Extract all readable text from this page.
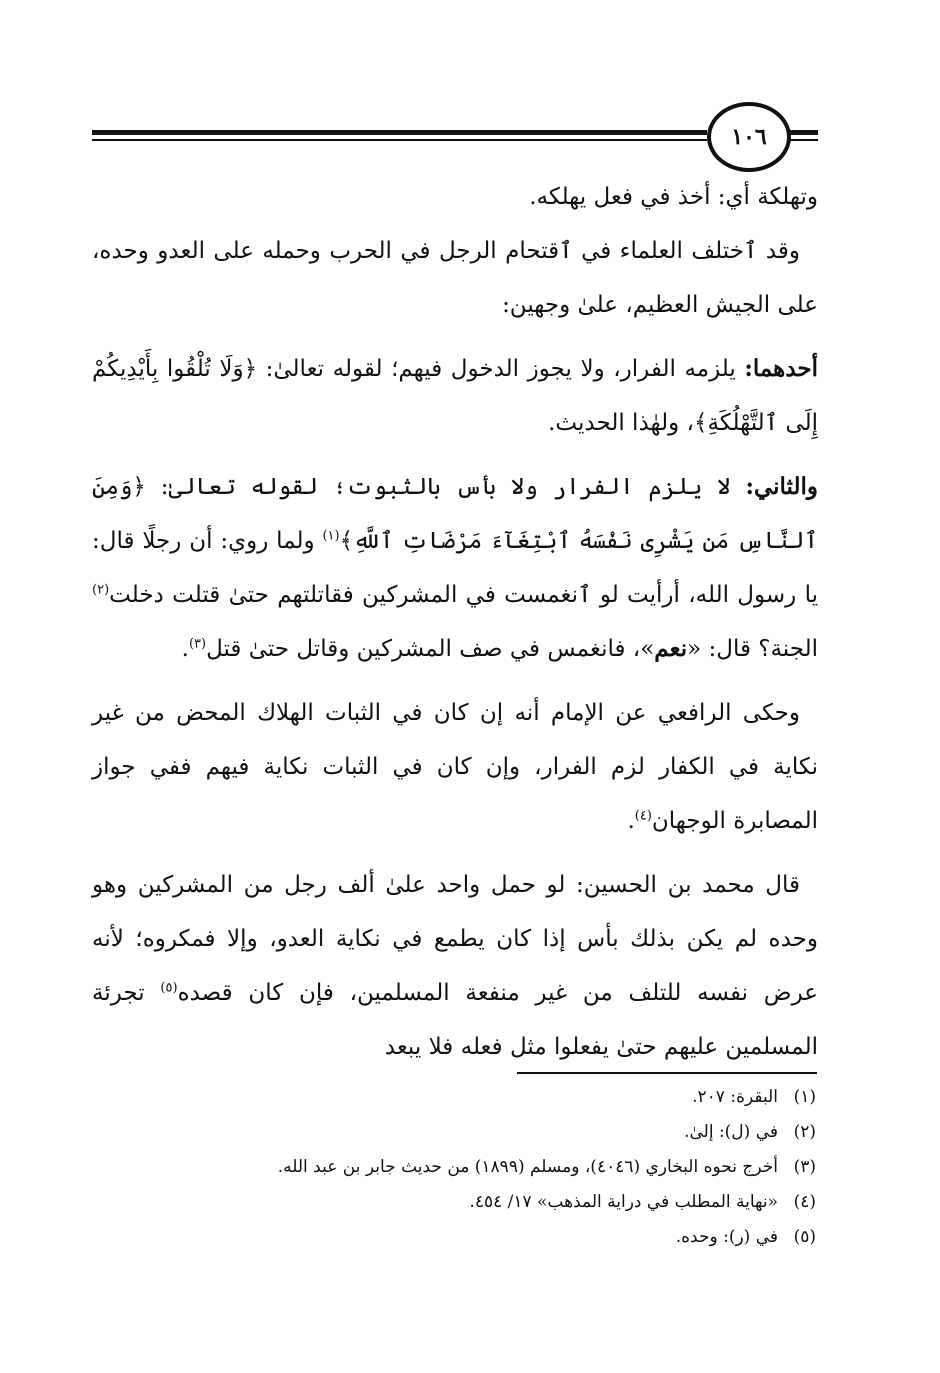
١٠٦

وتهلكة أي: أخذ في فعل يهلكه.

وقد ٱختلف العلماء في ٱقتحام الرجل في الحرب وحمله على العدو وحده، على الجيش العظيم، علىٰ وجهين:

أحدهما: يلزمه الفرار، ولا يجوز الدخول فيهم؛ لقوله تعالىٰ: ﴿وَلَا تُلْقُوا بِأَيْدِيكُمْ إِلَى ٱلتَّهْلُكَةِ﴾، ولهٰذا الحديث.

والثاني: لا يلزم الفرار ولا بأس بالثبوت؛ لقوله تعالىٰ: ﴿وَمِنَ ٱلنَّاسِ مَن يَشْرِى نَفْسَهُ ٱبْتِغَآءَ مَرْضَاتِ ٱللَّهِ﴾$^{(١)}$ ولما روي: أن رجلًا قال: يا رسول الله، أرأيت لو ٱنغمست في المشركين فقاتلتهم حتىٰ قتلت دخلت$^{(٢)}$ الجنة؟ قال: «نعم»، فانغمس في صف المشركين وقاتل حتىٰ قتل$^{(٣)}$.

وحكى الرافعي عن الإمام أنه إن كان في الثبات الهلاك المحض من غير نكاية في الكفار لزم الفرار، وإن كان في الثبات نكاية فيهم ففي جواز المصابرة الوجهان$^{(٤)}$.

قال محمد بن الحسين: لو حمل واحد علىٰ ألف رجل من المشركين وهو وحده لم يكن بذلك بأس إذا كان يطمع في نكاية العدو، وإلا فمكروه؛ لأنه عرض نفسه للتلف من غير منفعة المسلمين، فإن كان قصده$^{(٥)}$ تجرئة المسلمين عليهم حتىٰ يفعلوا مثل فعله فلا يبعد

(١)البقرة: ٢٠٧.
(٢)في (ل): إلىٰ.
(٣)أخرج نحوه البخاري (٤٠٤٦)، ومسلم (١٨٩٩) من حديث جابر بن عبد الله.
(٤)«نهاية المطلب في دراية المذهب» ١٧/ ٤٥٤.
(٥)في (ر): وحده.
